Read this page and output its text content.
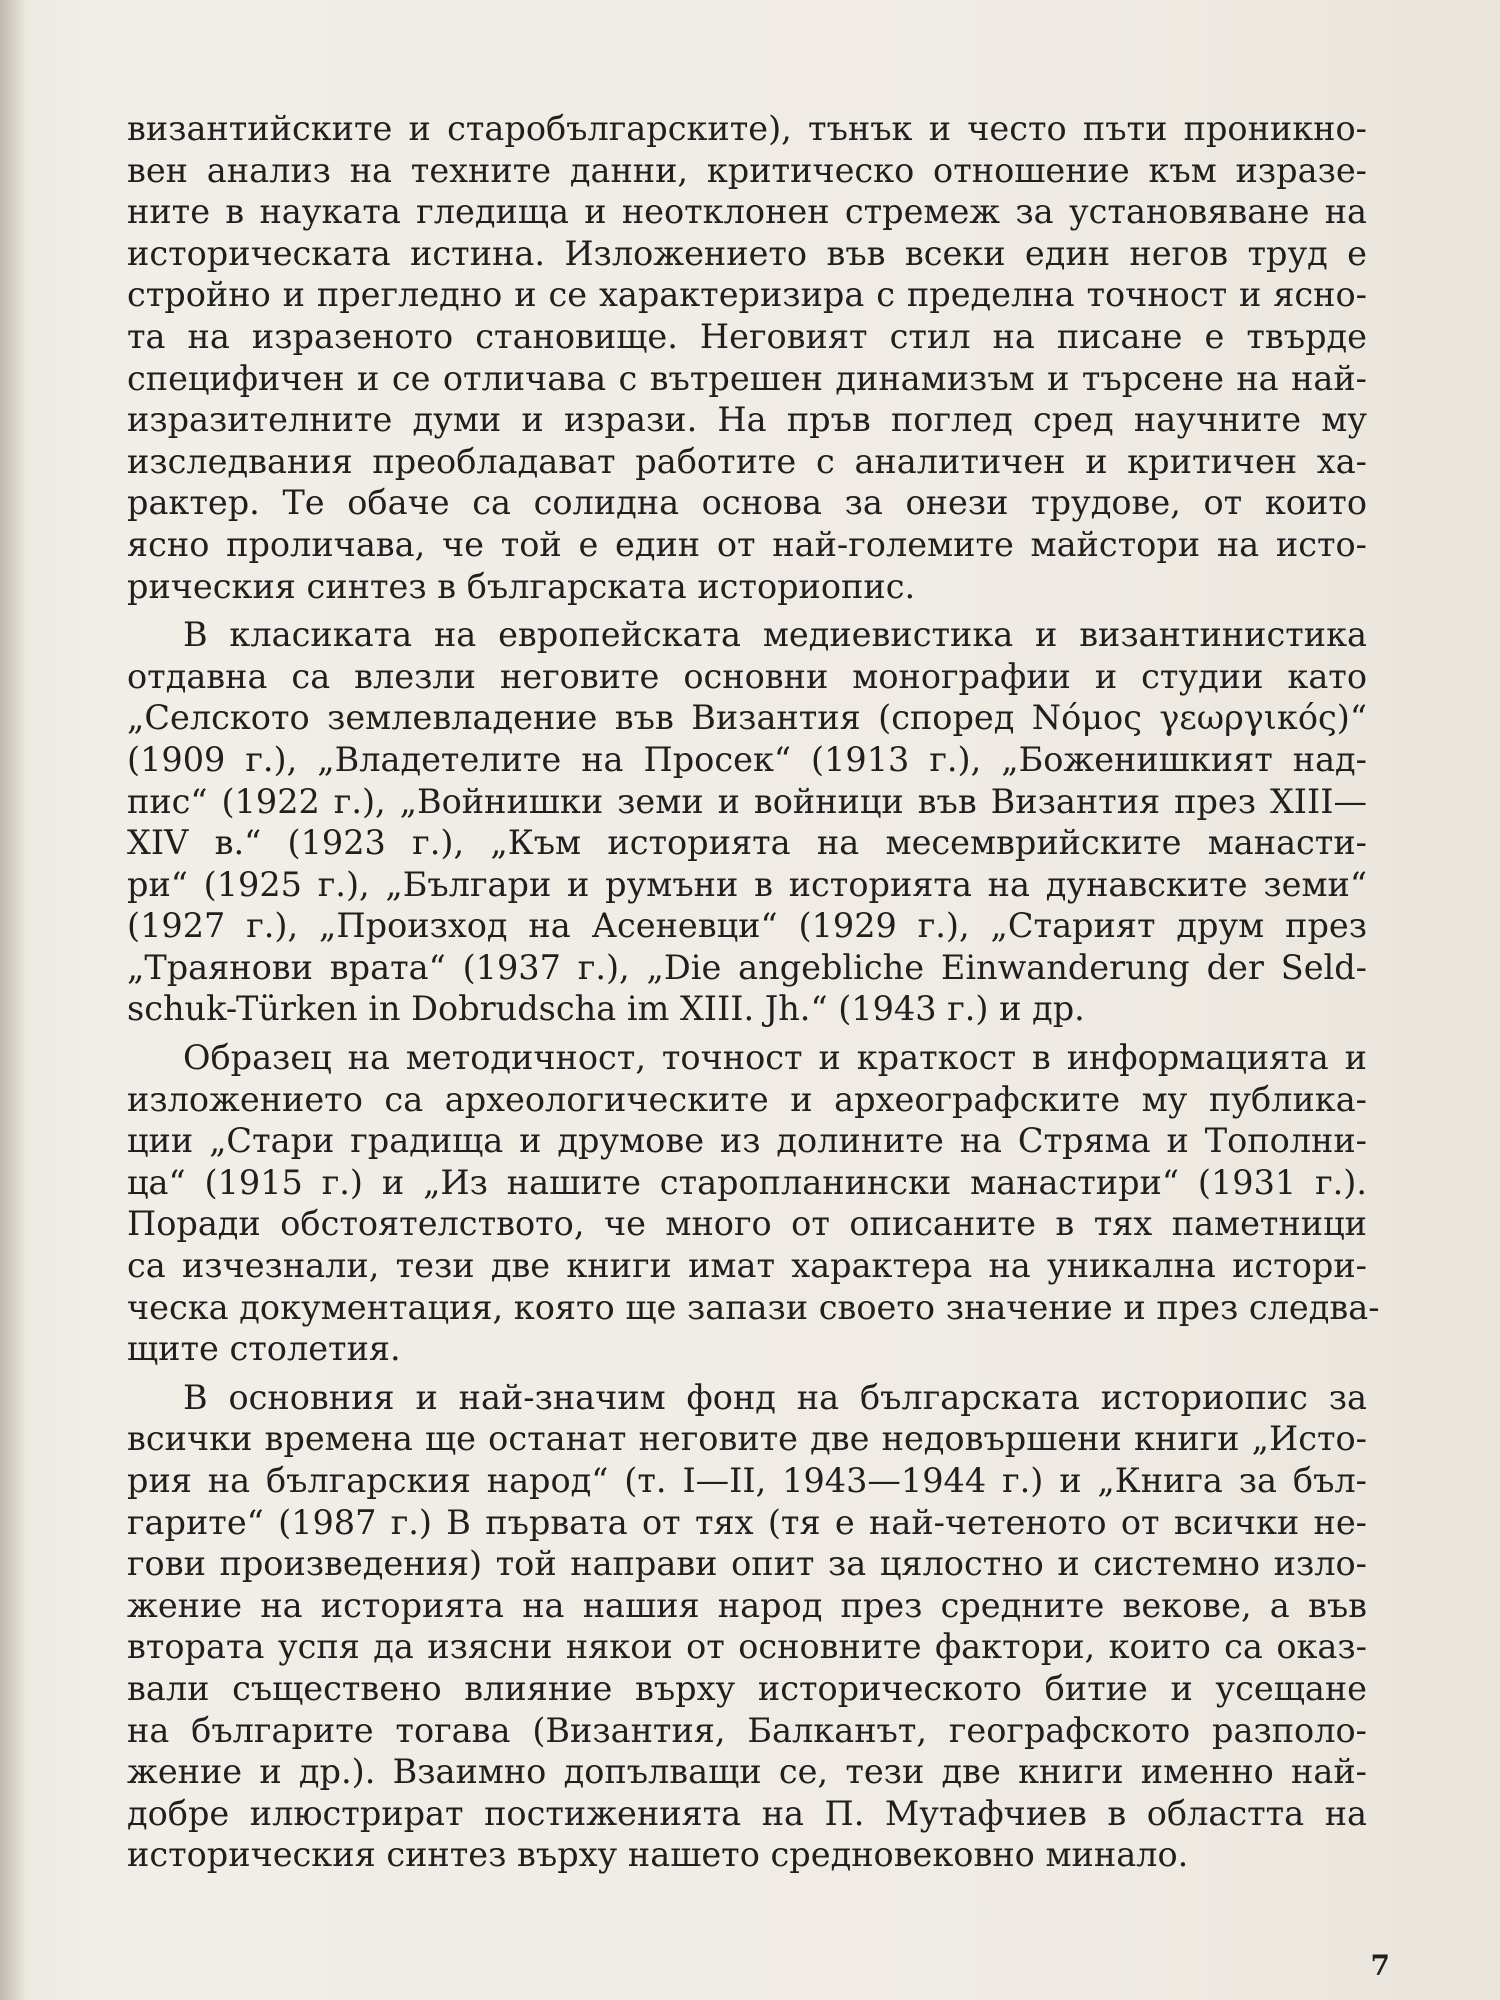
византийските и старобългарските), тънък и често пъти проникно-
вен анализ на техните данни, критическо отношение към изразе-
ните в науката гледища и неотклонен стремеж за установяване на
историческата истина. Изложението във всеки един негов труд е
стройно и прегледно и се характеризира с пределна точност и ясно-
та на изразеното становище. Неговият стил на писане е твърде
специфичен и се отличава с вътрешен динамизъм и търсене на най-
изразителните думи и изрази. На пръв поглед сред научните му
изследвания преобладават работите с аналитичен и критичен ха-
рактер. Те обаче са солидна основа за онези трудове, от които
ясно проличава, че той е един от най-големите майстори на исто-
рическия синтез в българската историопис.
В класиката на европейската медиевистика и византинистика
отдавна са влезли неговите основни монографии и студии като
„Селското землевладение във Византия (според Νόμος γεωργικός)“
(1909 г.), „Владетелите на Просек“ (1913 г.), „Боженишкият над-
пис“ (1922 г.), „Войнишки земи и войници във Византия през XIII—
XIV в.“ (1923 г.), „Към историята на месемврийските манасти-
ри“ (1925 г.), „Българи и румъни в историята на дунавските земи“
(1927 г.), „Произход на Асеневци“ (1929 г.), „Старият друм през
„Траянови врата“ (1937 г.), „Die angebliche Einwanderung der Seld-
schuk-Türken in Dobrudscha im XIII. Jh.“ (1943 г.) и др.
Образец на методичност, точност и краткост в информацията и
изложението са археологическите и археографските му публика-
ции „Стари градища и друмове из долините на Стряма и Тополни-
ца“ (1915 г.) и „Из нашите старопланински манастири“ (1931 г.).
Поради обстоятелството, че много от описаните в тях паметници
са изчезнали, тези две книги имат характера на уникална истори-
ческа документация, която ще запази своето значение и през следва-
щите столетия.
В основния и най-значим фонд на българската историопис за
всички времена ще останат неговите две недовършени книги „Исто-
рия на българския народ“ (т. I—II, 1943—1944 г.) и „Книга за бъл-
гарите“ (1987 г.) В първата от тях (тя е най-четеното от всички не-
гови произведения) той направи опит за цялостно и системно изло-
жение на историята на нашия народ през средните векове, а във
втората успя да изясни някои от основните фактори, които са оказ-
вали съществено влияние върху историческото битие и усещане
на българите тогава (Византия, Балканът, географското разполо-
жение и др.). Взаимно допълващи се, тези две книги именно най-
добре илюстрират постиженията на П. Мутафчиев в областта на
историческия синтез върху нашето средновековно минало.
7
